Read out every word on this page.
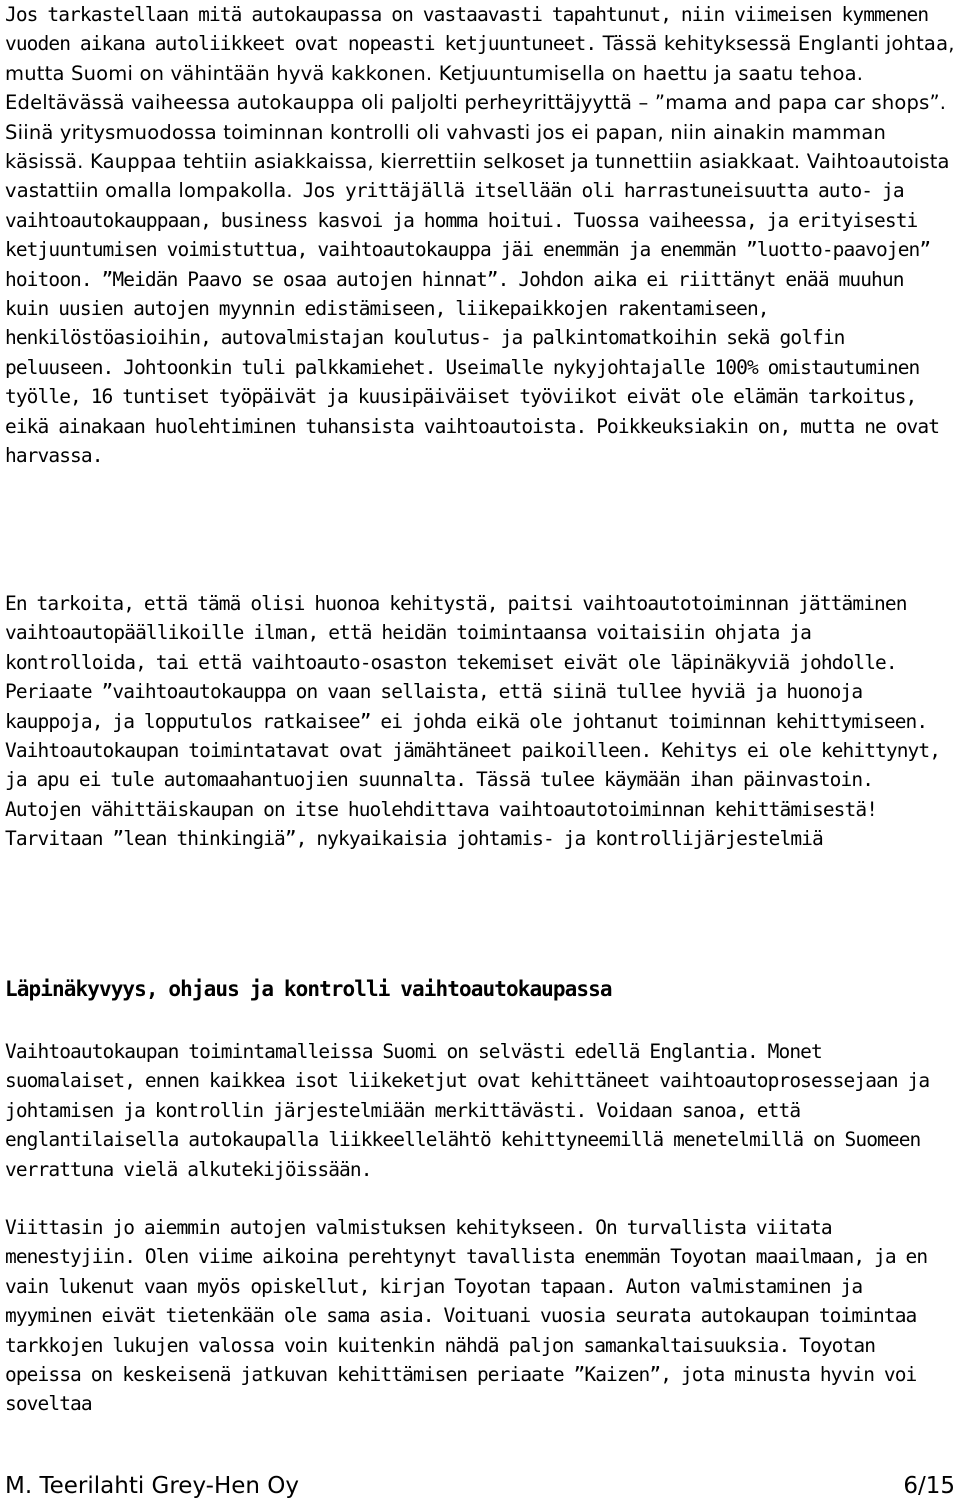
Jos tarkastellaan mitä autokaupassa on vastaavasti tapahtunut, niin viimeisen kymmenen vuoden aikana autoliikkeet ovat nopeasti ketjuuntuneet. Tässä kehityksessä Englanti johtaa, mutta Suomi on vähintään hyvä kakkonen. Ketjuuntumisella on haettu ja saatu tehoa. Edeltävässä vaiheessa autokauppa oli paljolti perheyrittäjyyttä – ”mama and papa car shops”. Siinä yritysmuodossa toiminnan kontrolli oli vahvasti jos ei papan, niin ainakin mamman käsissä. Kauppaa tehtiin asiakkaissa, kierrettiin selkoset ja tunnettiin asiakkaat. Vaihtoautoista vastattiin omalla lompakolla. Jos yrittäjällä itsellään oli harrastuneisuutta auto- ja vaihtoautokauppaan, business kasvoi ja homma hoitui. Tuossa vaiheessa, ja erityisesti ketjuuntumisen voimistuttua, vaihtoautokauppa jäi enemmän ja enemmän ”luotto-paavojen” hoitoon. ”Meidän Paavo se osaa autojen hinnat”. Johdon aika ei riittänyt enää muuhun kuin uusien autojen myynnin edistämiseen, liikepaikkojen rakentamiseen, henkilöstöasioihin, autovalmistajan koulutus- ja palkintomatkoihin sekä golfin peluuseen. Johtoonkin tuli palkkamiehet. Useimalle nykyjohtajalle 100% omistautuminen työlle, 16 tuntiset työpäivät ja kuusipäiväiset työviikot eivät ole elämän tarkoitus, eikä ainakaan huolehtiminen tuhansista vaihtoautoista. Poikkeuksiakin on, mutta ne ovat harvassa.

En tarkoita, että tämä olisi huonoa kehitystä, paitsi vaihtoautotoiminnan jättäminen vaihtoautopäällikoille ilman, että heidän toimintaansa voitaisiin ohjata ja kontrolloida, tai että vaihtoauto-osaston tekemiset eivät ole läpinäkyviä johdolle. Periaate ”vaihtoautokauppa on vaan sellaista, että siinä tullee hyviä ja huonoja kauppoja, ja lopputulos ratkaisee” ei johda eikä ole johtanut toiminnan kehittymiseen. Vaihtoautokaupan toimintatavat ovat jämähtäneet paikoilleen. Kehitys ei ole kehittynyt, ja apu ei tule automaahantuojien suunnalta. Tässä tulee käymään ihan päinvastoin. Autojen vähittäiskaupan on itse huolehdittava vaihtoautotoiminnan kehittämisestä! Tarvitaan ”lean thinkingiä”, nykyaikaisia johtamis- ja kontrollijärjestelmiä

Läpinäkyvyys, ohjaus ja kontrolli vaihtoautokaupassa

Vaihtoautokaupan toimintamalleissa Suomi on selvästi edellä Englantia. Monet suomalaiset, ennen kaikkea isot liikeketjut ovat kehittäneet vaihtoautoprosessejaan ja johtamisen ja kontrollin järjestelmiään merkittävästi. Voidaan sanoa, että englantilaisella autokaupalla liikkeellelähtö kehittyneemillä menetelmillä on Suomeen verrattuna vielä alkutekijöissään.

Viittasin jo aiemmin autojen valmistuksen kehitykseen. On turvallista viitata menestyjiin. Olen viime aikoina perehtynyt tavallista enemmän Toyotan maailmaan, ja en vain lukenut vaan myös opiskellut, kirjan Toyotan tapaan. Auton valmistaminen ja myyminen eivät tietenkään ole sama asia. Voituani vuosia seurata autokaupan toimintaa tarkkojen lukujen valossa voin kuitenkin nähdä paljon samankaltaisuuksia. Toyotan opeissa on keskeisenä jatkuvan kehittämisen periaate ”Kaizen”, jota minusta hyvin voi soveltaa

M. Teerilahti Grey-Hen Oy	6/15
